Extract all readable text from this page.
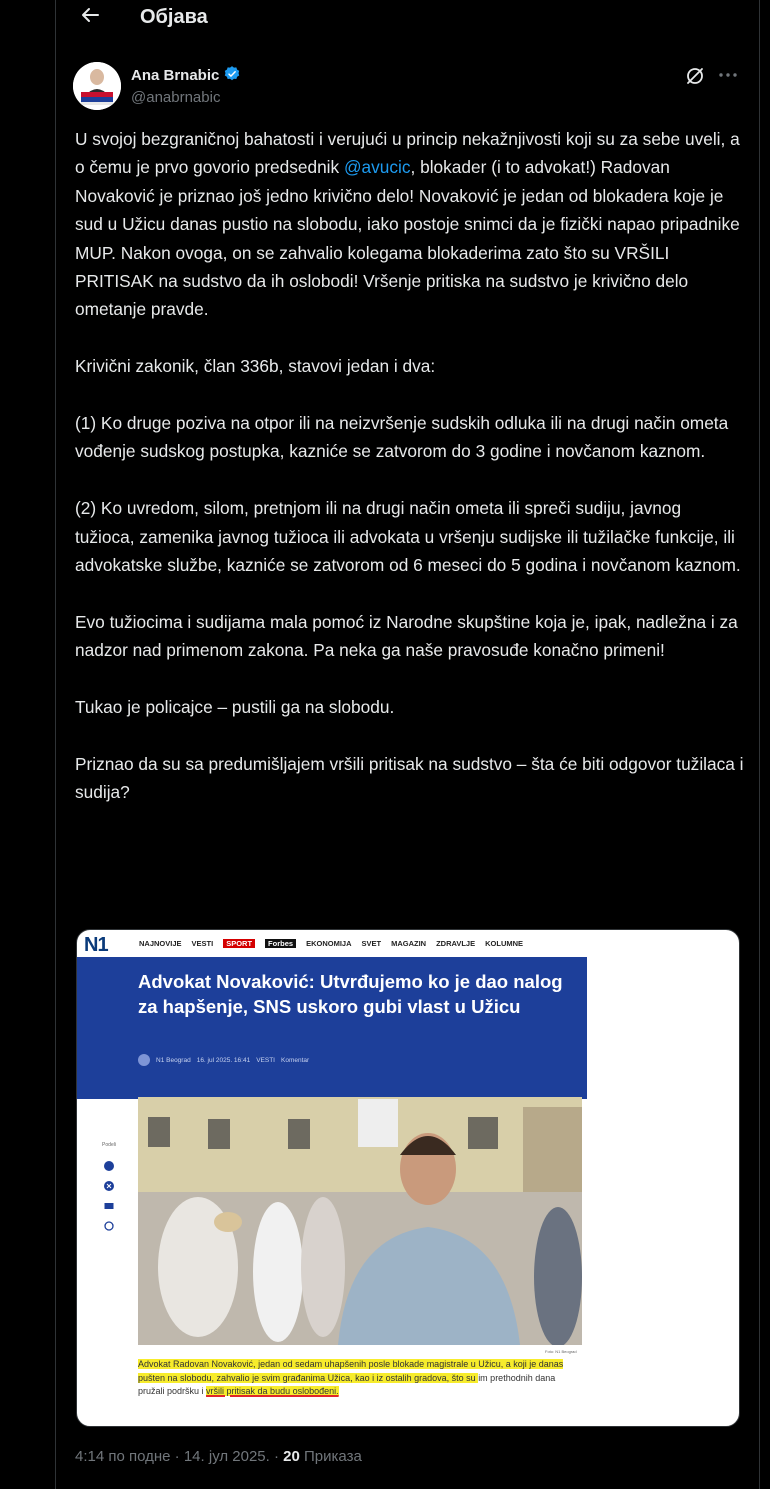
Објава
Ana Brnabic
@anabrnabic

U svojoj bezgraničnoj bahatosti i verujući u princip nekažnjivosti koji su za sebe uveli, a o čemu je prvo govorio predsednik @avucic, blokader (i to advokat!) Radovan Novaković je priznao još jedno krivično delo! Novaković je jedan od blokadera koje je sud u Užicu danas pustio na slobodu, iako postoje snimci da je fizički napao pripadnike MUP. Nakon ovoga, on se zahvalio kolegama blokaderima zato što su VRŠILI PRITISAK na sudstvo da ih oslobodi! Vršenje pritiska na sudstvo je krivično delo ometanje pravde.

Krivični zakonik, član 336b, stavovi jedan i dva:

(1) Ko druge poziva na otpor ili na neizvršenje sudskih odluka ili na drugi način ometa vođenje sudskog postupka, kazniće se zatvorom do 3 godine i novčanom kaznom.

(2) Ko uvredom, silom, pretnjom ili na drugi način ometa ili spreči sudiju, javnog tužioca, zamenika javnog tužioca ili advokata u vršenju sudijske ili tužilačke funkcije, ili advokatske službe, kazniće se zatvorom od 6 meseci do 5 godina i novčanom kaznom.

Evo tužiocima i sudijama mala pomoć iz Narodne skupštine koja je, ipak, nadležna i za nadzor nad primenom zakona. Pa neka ga naše pravosuđe konačno primeni!

Tukao je policajce – pustili ga na slobodu.

Priznao da su sa predumišljajem vršili pritisak na sudstvo – šta će biti odgovor tužilaca i sudija?

N1	NAJNOVIJE VESTI	SPORT	Forbes	EKONOMIJA SVET MAGAZIN ZDRAVLJE KOLUMNE
Advokat Novaković: Utvrđujemo ko je dao nalog za hapšenje, SNS uskoro gubi vlast u Užicu
N1 Beograd 16. jul 2025. 16:41 VESTI Komentar
Podeli
Foto: N1 Beograd
Advokat Radovan Novaković, jedan od sedam uhapšenih posle blokade magistrale u Užicu, a koji je danas pušten na slobodu, zahvalio je svim građanima Užica, kao i iz ostalih gradova, što su im prethodnih dana pružali podršku i vršili pritisak da budu oslobođeni.
4:14 по подне · 14. јул 2025. · 20 Приказа
